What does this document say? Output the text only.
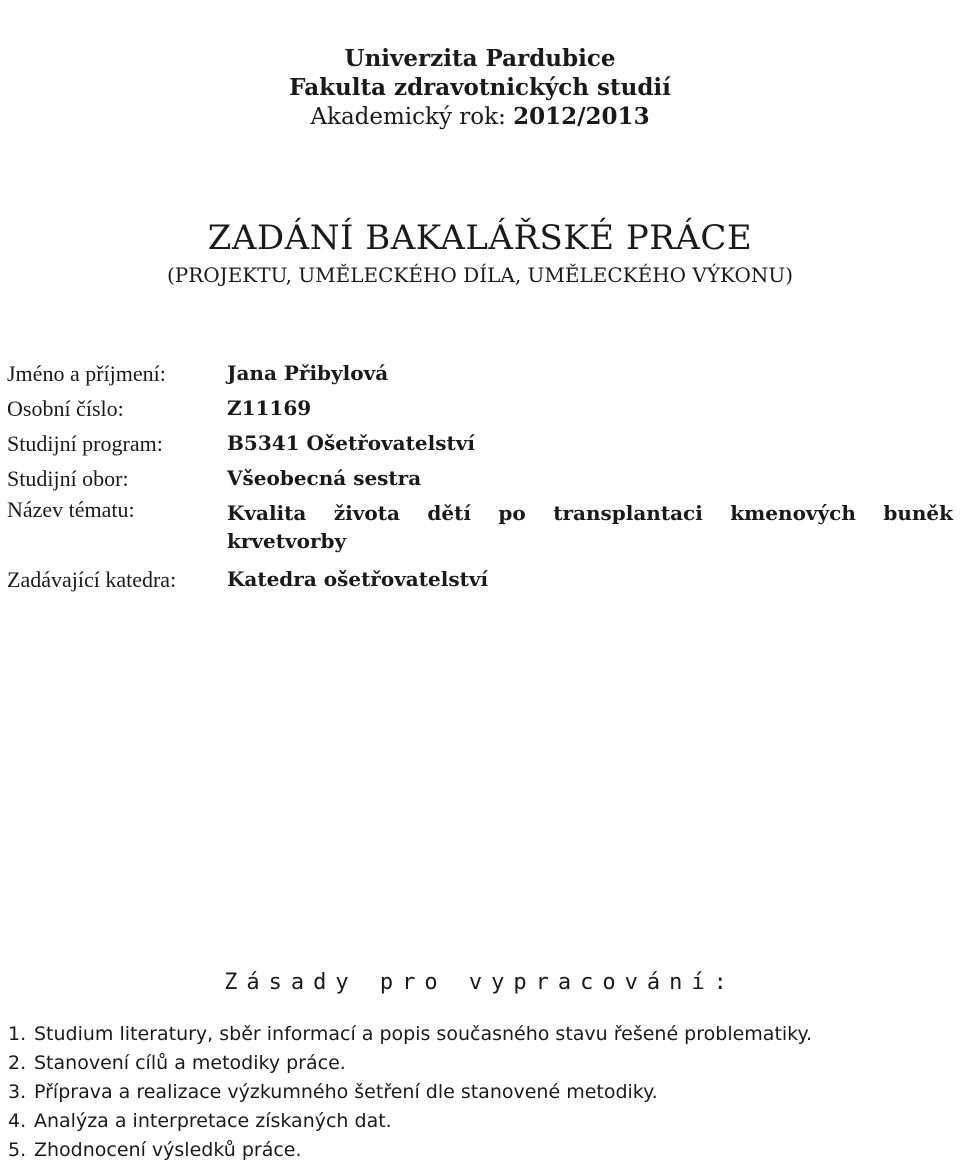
Univerzita Pardubice
Fakulta zdravotnických studií
Akademický rok: 2012/2013
ZADÁNÍ BAKALÁŘSKÉ PRÁCE
(PROJEKTU, UMĚLECKÉHO DÍLA, UMĚLECKÉHO VÝKONU)
Jméno a příjmení:	Jana Přibylová
Osobní číslo:	Z11169
Studijní program:	B5341 Ošetřovatelství
Studijní obor:	Všeobecná sestra
Název tématu:	Kvalita života dětí po transplantaci kmenových buněk krvetvorby
Zadávající katedra:	Katedra ošetřovatelství
Zásady pro vypracování:
1. Studium literatury, sběr informací a popis současného stavu řešené problematiky.
2. Stanovení cílů a metodiky práce.
3. Příprava a realizace výzkumného šetření dle stanovené metodiky.
4. Analýza a interpretace získaných dat.
5. Zhodnocení výsledků práce.
